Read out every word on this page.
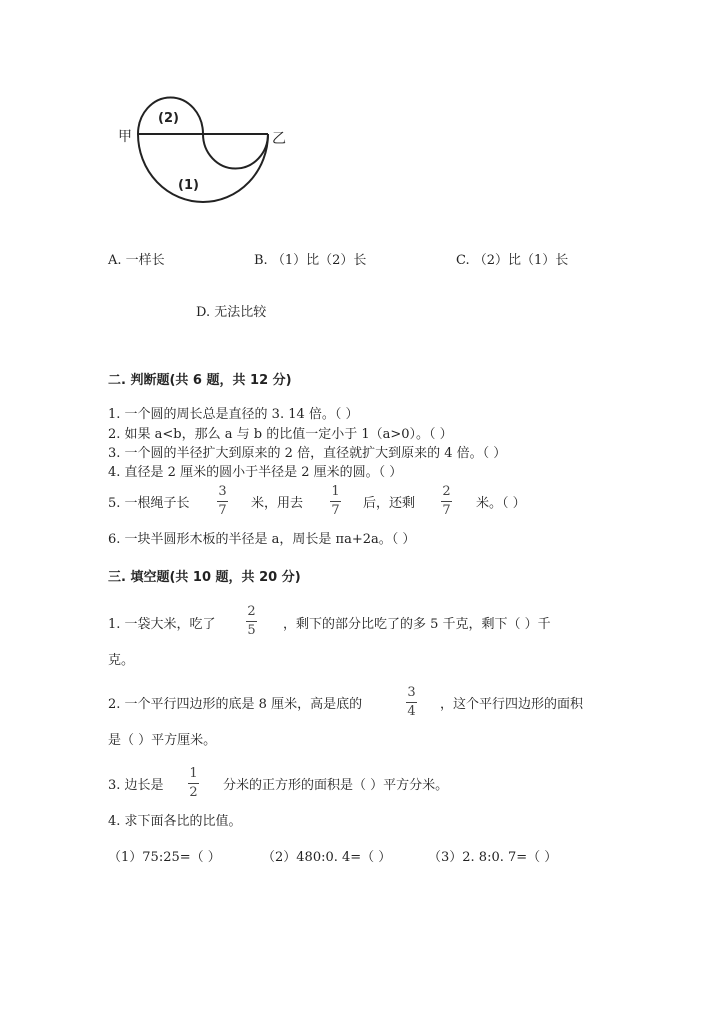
甲	乙
(2)
(1)
A. 一样长	B. （1）比（2）长	C. （2）比（1）长
D. 无法比较
二. 判断题(共 6 题，共 12 分)
1. 一个圆的周长总是直径的 3. 14 倍。（ ）
2. 如果 a<b，那么 a 与 b 的比值一定小于 1（a>0）。（ ）
3. 一个圆的半径扩大到原来的 2 倍，直径就扩大到原来的 4 倍。（ ）
4. 直径是 2 厘米的圆小于半径是 2 厘米的圆。（ ）
5. 一根绳子长
3
7 米，用去
1
7 后，还剩
2
7 米。（ ）
6. 一块半圆形木板的半径是 a，周长是 πa+2a。（ ）
三. 填空题(共 10 题，共 20 分)
1. 一袋大米，吃了
2
5 ，剩下的部分比吃了的多 5 千克，剩下（ ）千
克。
2. 一个平行四边形的底是 8 厘米，高是底的
3
4 ，这个平行四边形的面积
是（ ）平方厘米。
3. 边长是
1
2 分米的正方形的面积是（ ）平方分米。
4. 求下面各比的比值。
（1）75:25=（ ）	（2）480:0. 4=（ ）	（3）2. 8:0. 7=（ ）
